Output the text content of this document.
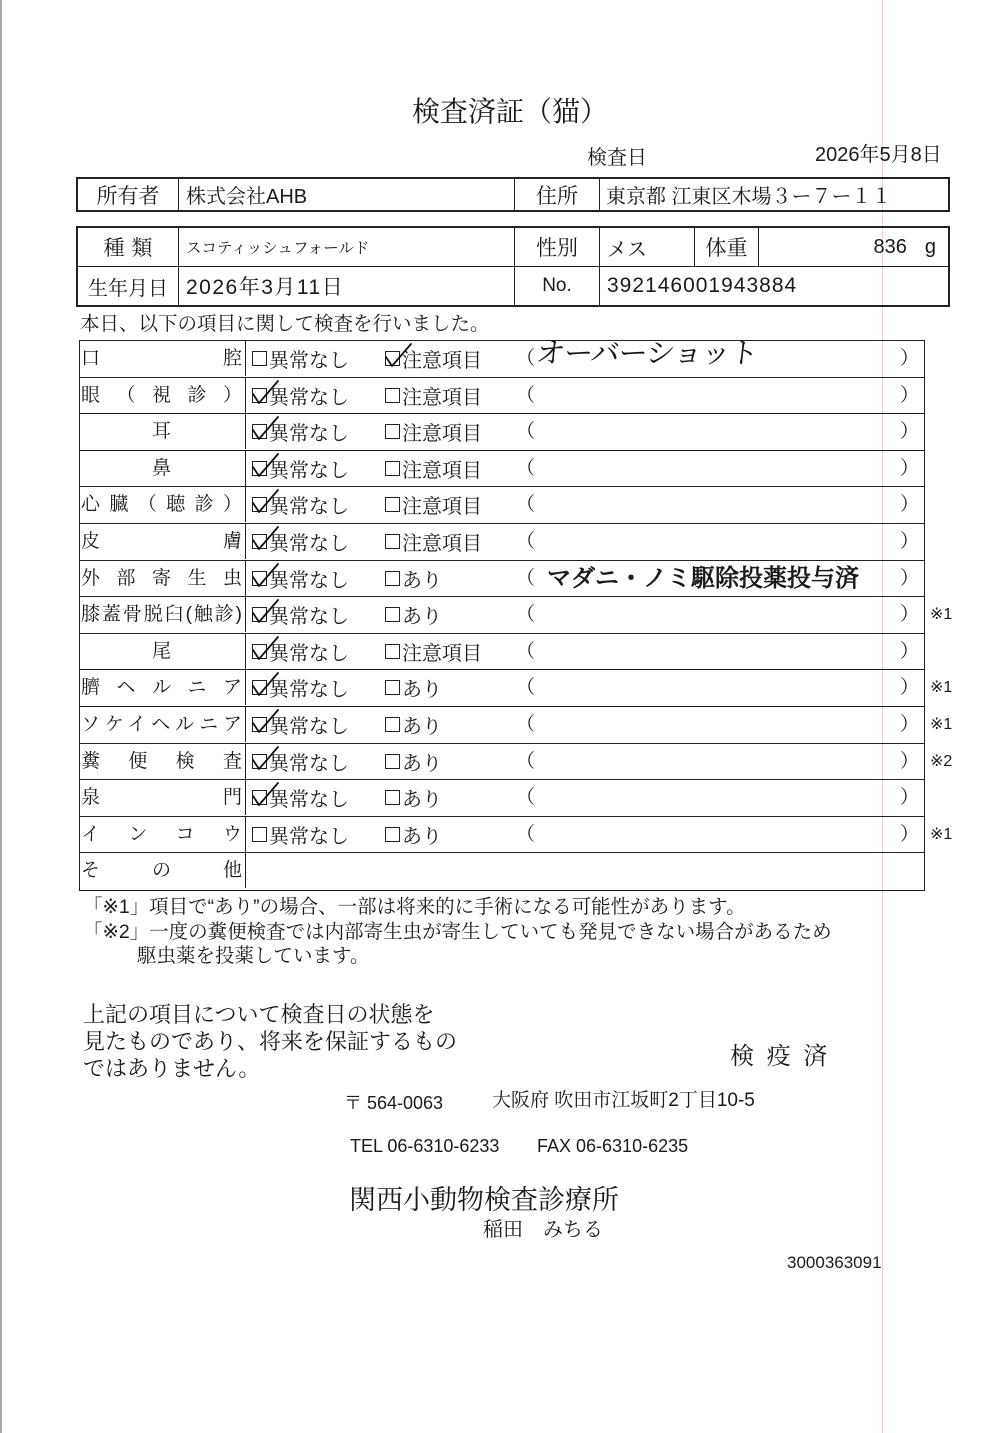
検査済証（猫）
検査日	2026年5月8日
所有者	株式会社AHB	住所	東京都 江東区木場３ー７ー１１
種類	スコティッシュフォールド	性別	メス	体重	836 g
生年月日 2026年3月11日	No.	392146001943884
本日、以下の項目に関して検査を行いました。
口腔 異常なし	注意項目 （ オーバーショット	）
眼（視診） 異常なし	注意項目 （	）
耳	異常なし	注意項目 （	）
鼻	異常なし	注意項目 （	）
心臓（聴診） 異常なし	注意項目 （	）
皮膚 異常なし	注意項目 （	）
外部寄生虫 異常なし	あり	（ マダニ・ノミ駆除投薬投与済 ）
膝蓋骨脱臼(触診) 異常なし	あり	（	） ※1
尾	異常なし	注意項目 （	）
臍ヘルニア 異常なし	あり	（	） ※1
ソケイヘルニア 異常なし	あり	（	） ※1
糞便検査 異常なし	あり	（	） ※2
泉門 異常なし	あり	（	）
インコウ 異常なし	あり	（	） ※1
その他
「※1」項目で“あり”の場合、一部は将来的に手術になる可能性があります。
「※2」一度の糞便検査では内部寄生虫が寄生していても発見できない場合があるため
駆虫薬を投薬しています。
上記の項目について検査日の状態を
見たものであり、将来を保証するもの
ではありません。	検 疫 済
〒 564-0063	大阪府 吹田市江坂町2丁目10-5
TEL 06-6310-6233 FAX 06-6310-6235
関西小動物検査診療所
稲田　みちる
3000363091
